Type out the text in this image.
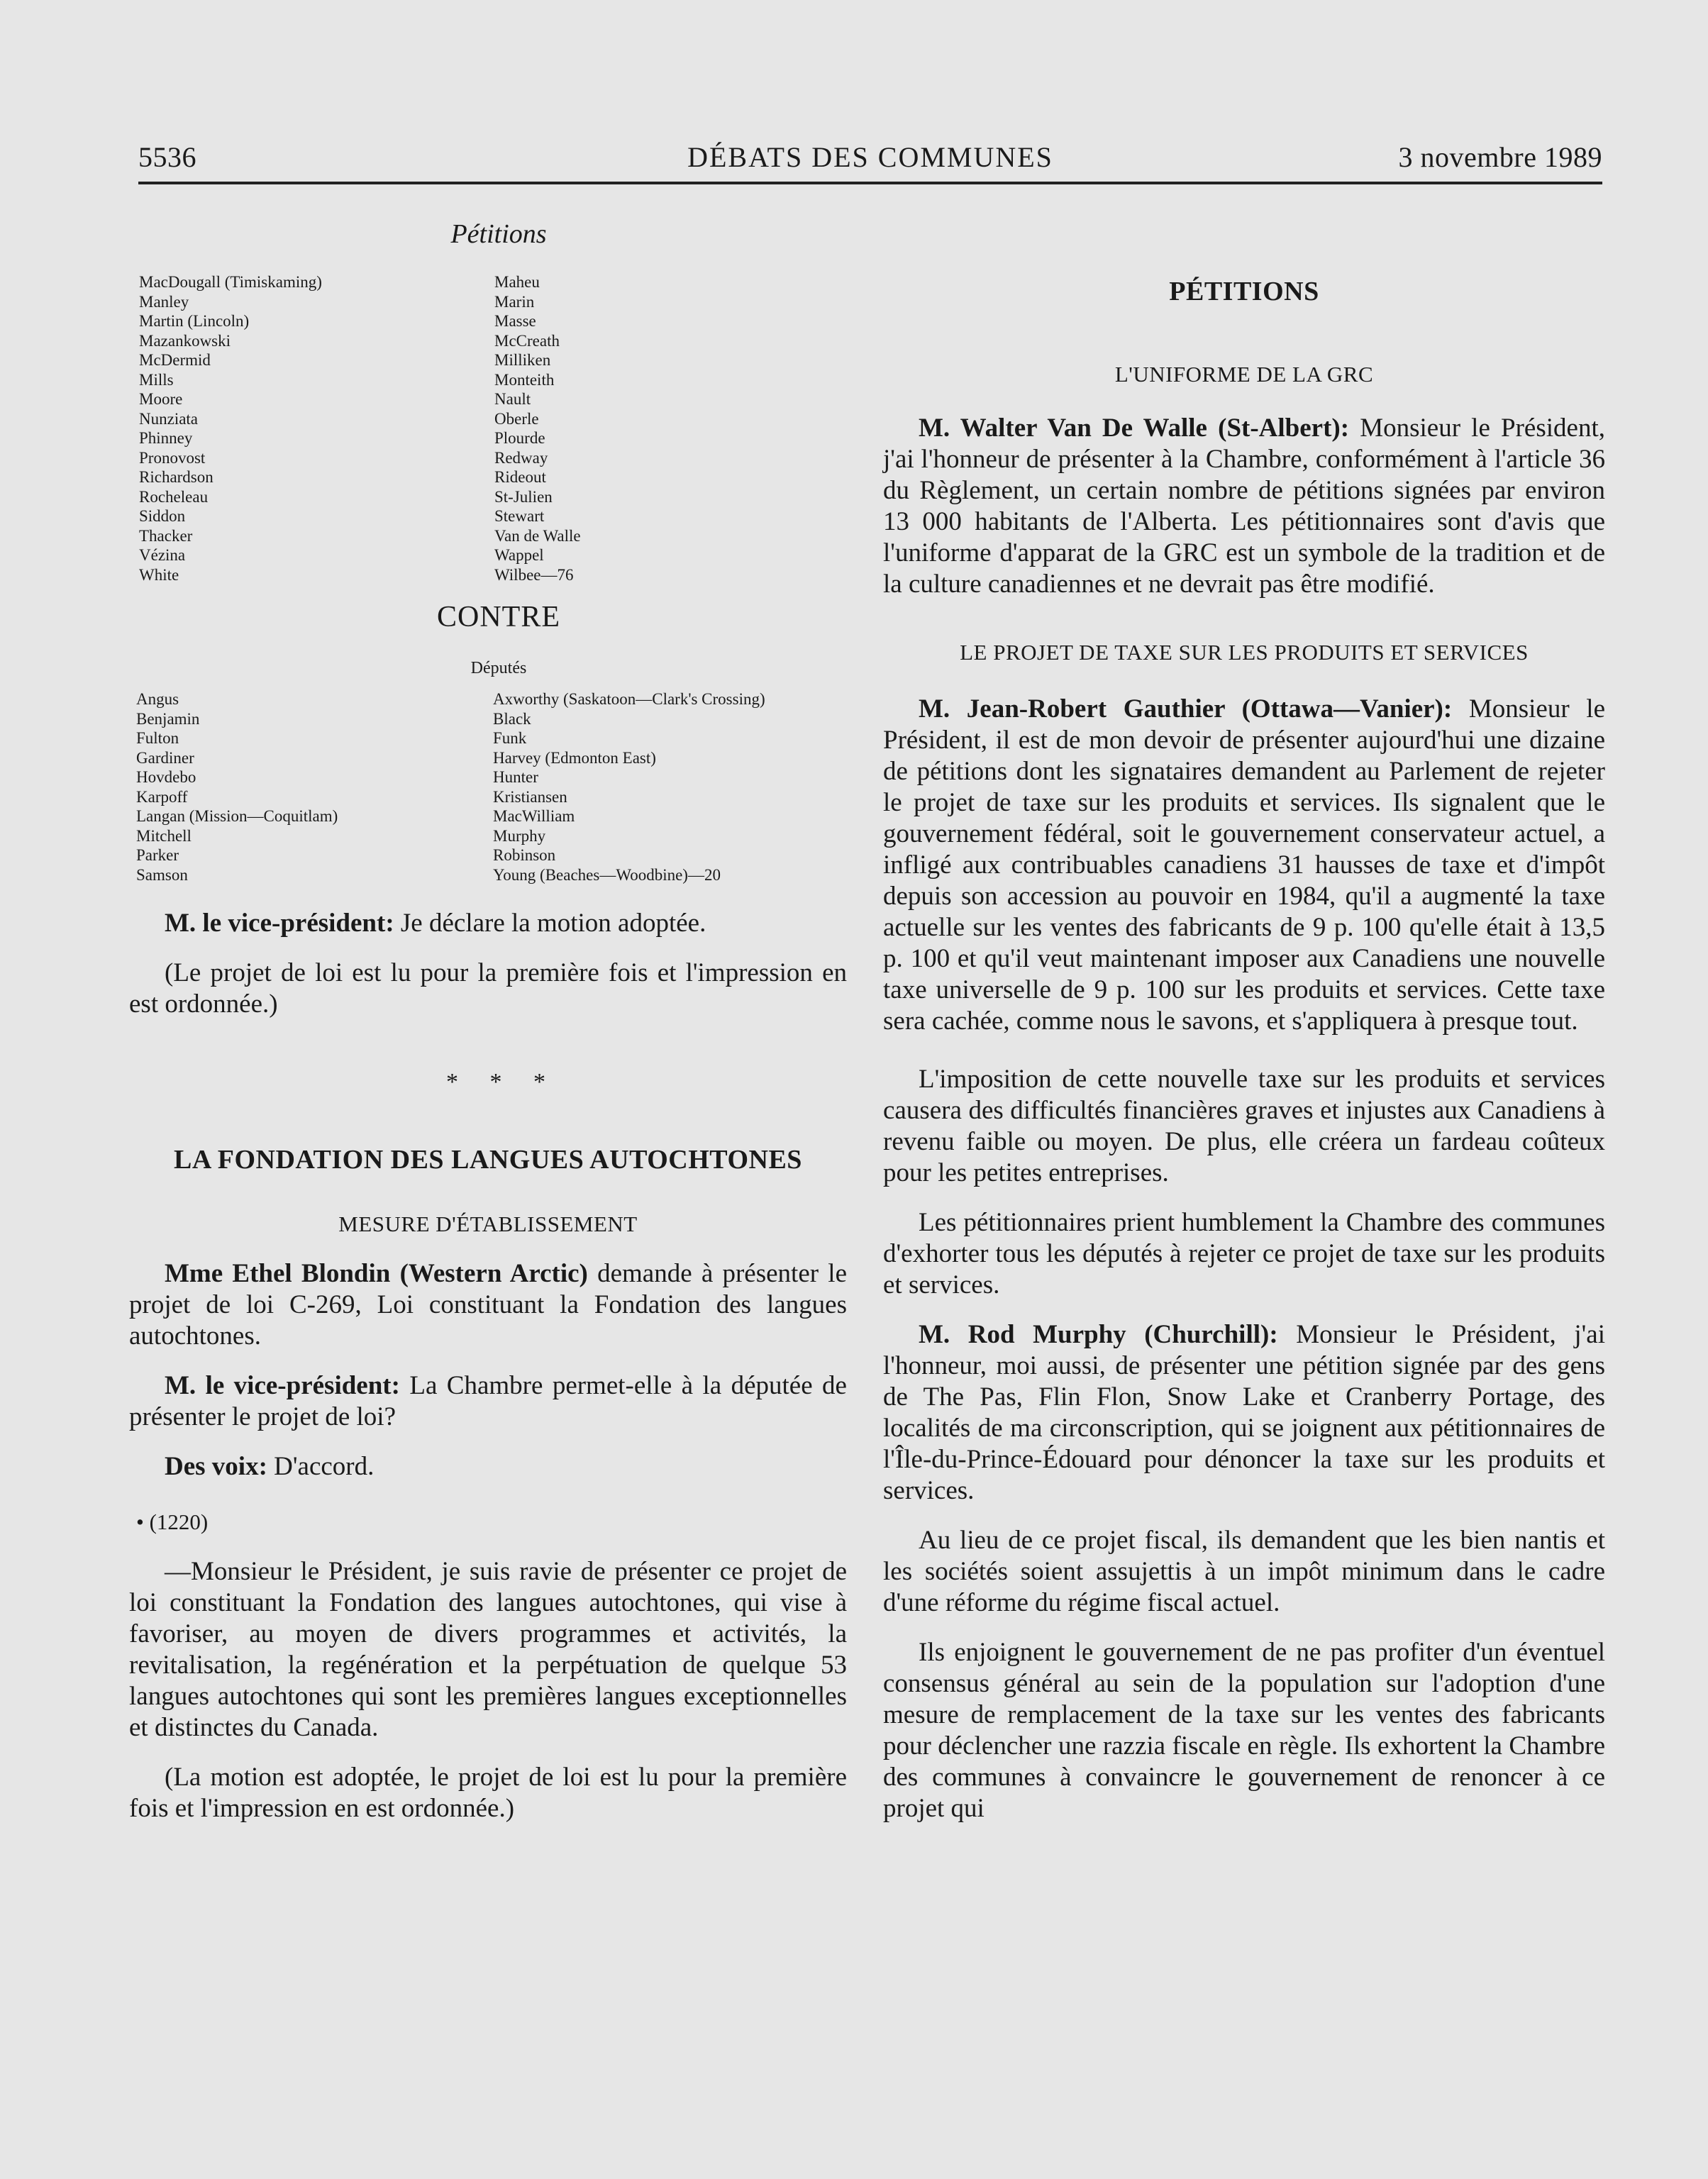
5536	DÉBATS DES COMMUNES	3 novembre 1989
Pétitions
MacDougall (Timiskaming)
Manley
Martin (Lincoln)
Mazankowski
McDermid
Mills
Moore
Nunziata
Phinney
Pronovost
Richardson
Rocheleau
Siddon
Thacker
Vézina
White
Maheu
Marin
Masse
McCreath
Milliken
Monteith
Nault
Oberle
Plourde
Redway
Rideout
St-Julien
Stewart
Van de Walle
Wappel
Wilbee—76
CONTRE
Députés
Angus
Benjamin
Fulton
Gardiner
Hovdebo
Karpoff
Langan (Mission—Coquitlam)
Mitchell
Parker
Samson
Axworthy (Saskatoon—Clark's Crossing)
Black
Funk
Harvey (Edmonton East)
Hunter
Kristiansen
MacWilliam
Murphy
Robinson
Young (Beaches—Woodbine)—20

M. le vice-président: Je déclare la motion adoptée.

(Le projet de loi est lu pour la première fois et l'impression en est ordonnée.)

* * *
LA FONDATION DES LANGUES AUTOCHTONES
MESURE D'ÉTABLISSEMENT

Mme Ethel Blondin (Western Arctic) demande à présenter le projet de loi C-269, Loi constituant la Fondation des langues autochtones.

M. le vice-président: La Chambre permet-elle à la députée de présenter le projet de loi?

Des voix: D'accord.

• (1220)

—Monsieur le Président, je suis ravie de présenter ce projet de loi constituant la Fondation des langues autochtones, qui vise à favoriser, au moyen de divers programmes et activités, la revitalisation, la regénération et la perpétuation de quelque 53 langues autochtones qui sont les premières langues exceptionnelles et distinctes du Canada.

(La motion est adoptée, le projet de loi est lu pour la première fois et l'impression en est ordonnée.)

PÉTITIONS
L'UNIFORME DE LA GRC

M. Walter Van De Walle (St-Albert): Monsieur le Président, j'ai l'honneur de présenter à la Chambre, conformément à l'article 36 du Règlement, un certain nombre de pétitions signées par environ 13 000 habitants de l'Alberta. Les pétitionnaires sont d'avis que l'uniforme d'apparat de la GRC est un symbole de la tradition et de la culture canadiennes et ne devrait pas être modifié.

LE PROJET DE TAXE SUR LES PRODUITS ET SERVICES

M. Jean-Robert Gauthier (Ottawa—Vanier): Monsieur le Président, il est de mon devoir de présenter aujourd'hui une dizaine de pétitions dont les signataires demandent au Parlement de rejeter le projet de taxe sur les produits et services. Ils signalent que le gouvernement fédéral, soit le gouvernement conservateur actuel, a infligé aux contribuables canadiens 31 hausses de taxe et d'impôt depuis son accession au pouvoir en 1984, qu'il a augmenté la taxe actuelle sur les ventes des fabricants de 9 p. 100 qu'elle était à 13,5 p. 100 et qu'il veut maintenant imposer aux Canadiens une nouvelle taxe universelle de 9 p. 100 sur les produits et services. Cette taxe sera cachée, comme nous le savons, et s'appliquera à presque tout.

L'imposition de cette nouvelle taxe sur les produits et services causera des difficultés financières graves et injustes aux Canadiens à revenu faible ou moyen. De plus, elle créera un fardeau coûteux pour les petites entreprises.

Les pétitionnaires prient humblement la Chambre des communes d'exhorter tous les députés à rejeter ce projet de taxe sur les produits et services.

M. Rod Murphy (Churchill): Monsieur le Président, j'ai l'honneur, moi aussi, de présenter une pétition signée par des gens de The Pas, Flin Flon, Snow Lake et Cranberry Portage, des localités de ma circonscription, qui se joignent aux pétitionnaires de l'Île-du-Prince-Édouard pour dénoncer la taxe sur les produits et services.

Au lieu de ce projet fiscal, ils demandent que les bien nantis et les sociétés soient assujettis à un impôt minimum dans le cadre d'une réforme du régime fiscal actuel.

Ils enjoignent le gouvernement de ne pas profiter d'un éventuel consensus général au sein de la population sur l'adoption d'une mesure de remplacement de la taxe sur les ventes des fabricants pour déclencher une razzia fiscale en règle. Ils exhortent la Chambre des communes à convaincre le gouvernement de renoncer à ce projet qui
